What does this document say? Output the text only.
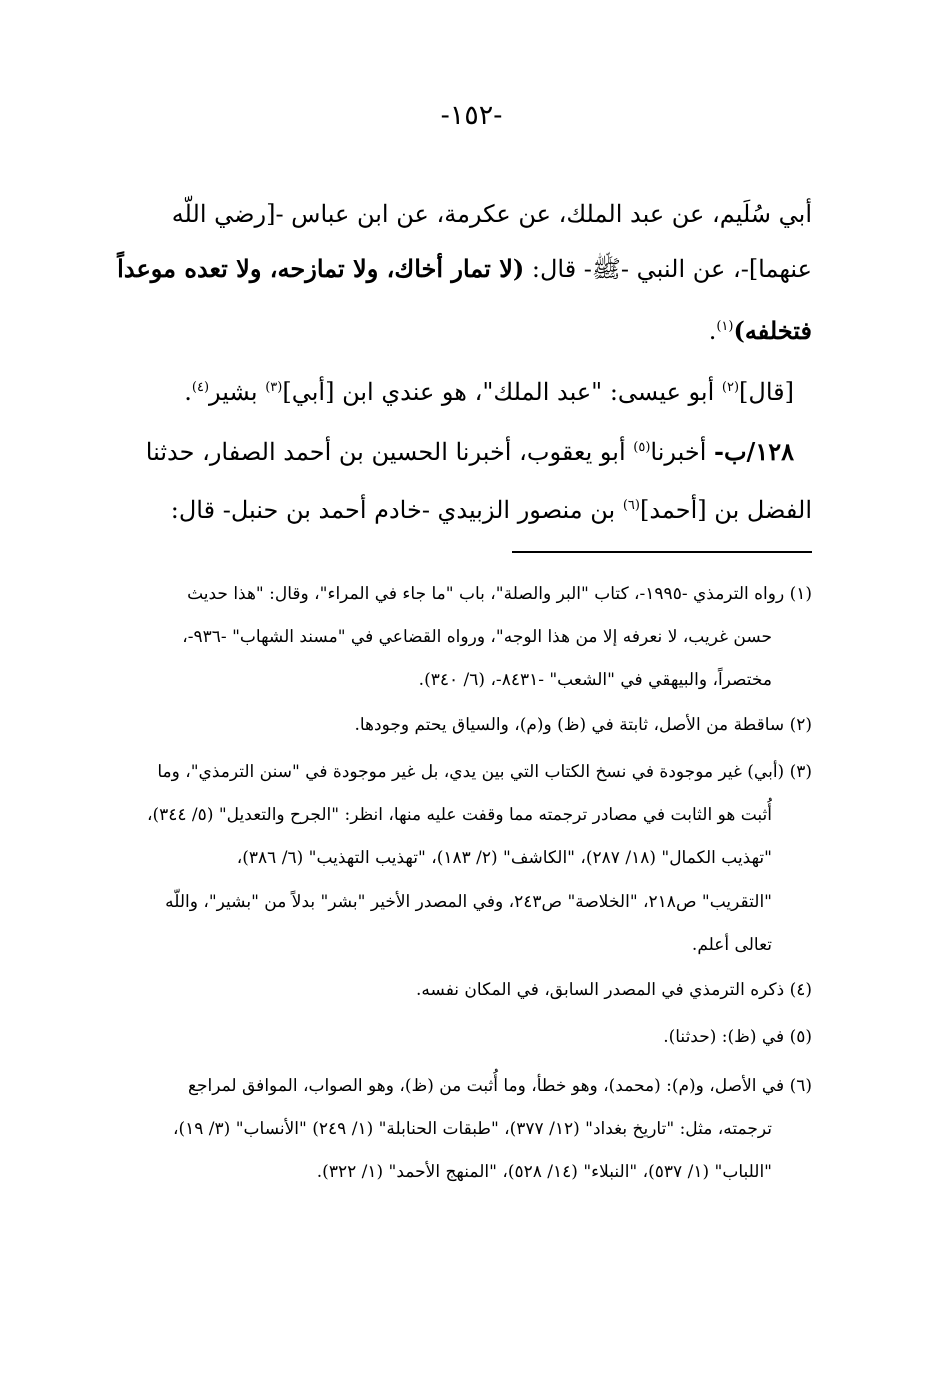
-١٥٢-
أبي سُلَيم، عن عبد الملك، عن عكرمة، عن ابن عباس -[رضي اللّه
عنهما]-، عن النبي -ﷺ- قال: (لا تمار أخاك، ولا تمازحه، ولا تعده موعداً
فتخلفه)$^{(١)}$.
[قال]$^{(٢)}$ أبو عيسى: "عبد الملك"، هو عندي ابن [أبي]$^{(٣)}$ بشير$^{(٤)}$.
١٢٨/ب- أخبرنا$^{(٥)}$ أبو يعقوب، أخبرنا الحسين بن أحمد الصفار، حدثنا
الفضل بن [أحمد]$^{(٦)}$ بن منصور الزبيدي -خادم أحمد بن حنبل- قال:
(١) رواه الترمذي -١٩٩٥-، كتاب "البر والصلة"، باب "ما جاء في المراء"، وقال: "هذا حديث
حسن غريب، لا نعرفه إلا من هذا الوجه"، ورواه القضاعي في "مسند الشهاب" -٩٣٦-،
مختصراً، والبيهقي في "الشعب" -٨٤٣١-، (٦/ ٣٤٠).
(٢) ساقطة من الأصل، ثابتة في (ظ) و(م)، والسياق يحتم وجودها.
(٣) (أبي) غير موجودة في نسخ الكتاب التي بين يدي، بل غير موجودة في "سنن الترمذي"، وما
أُثبت هو الثابت في مصادر ترجمته مما وقفت عليه منها، انظر: "الجرح والتعديل" (٥/ ٣٤٤)،
"تهذيب الكمال" (١٨/ ٢٨٧)، "الكاشف" (٢/ ١٨٣)، "تهذيب التهذيب" (٦/ ٣٨٦)،
"التقريب" ص٢١٨، "الخلاصة" ص٢٤٣، وفي المصدر الأخير "بشر" بدلاً من "بشير"، واللّه
تعالى أعلم.
(٤) ذكره الترمذي في المصدر السابق، في المكان نفسه.
(٥) في (ظ): (حدثنا).
(٦) في الأصل، و(م): (محمد)، وهو خطأ، وما أُثبت من (ظ)، وهو الصواب، الموافق لمراجع
ترجمته، مثل: "تاريخ بغداد" (١٢/ ٣٧٧)، "طبقات الحنابلة" (١/ ٢٤٩) "الأنساب" (٣/ ١٩)،
"اللباب" (١/ ٥٣٧)، "النبلاء" (١٤/ ٥٢٨)، "المنهج الأحمد" (١/ ٣٢٢).
